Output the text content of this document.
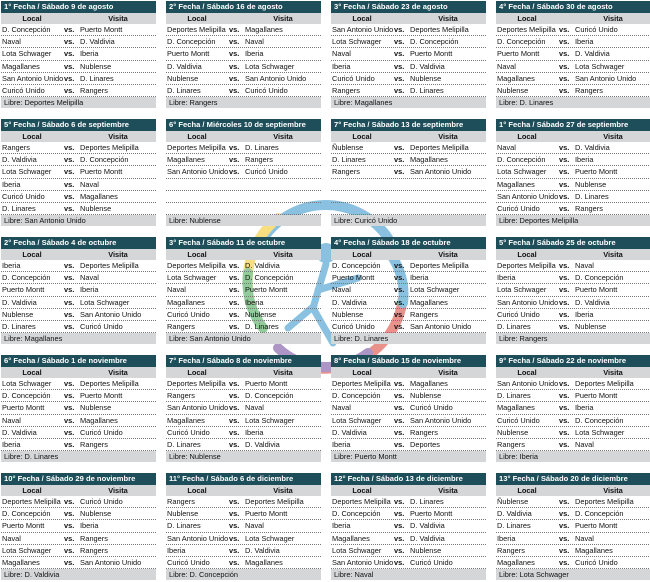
1° Fecha / Sábado 9 de agosto
Local	Visita
D. Concepción	vs. Puerto Montt
Naval	vs. D. Valdivia
Lota Schwager	vs. Iberia
Magallanes	vs. Nublense
San Antonio Unido vs. D. Linares
Curicó Unido	vs. Rangers
Libre: Deportes Melipilla
2° Fecha / Sábado 16 de agosto
Local	Visita
Deportes Melipilla vs. Magallanes
D. Concepción	vs. Naval
Puerto Montt	vs. Iberia
D. Valdivia	vs. Lota Schwager
Nublense	vs. San Antonio Unido
D. Linares	vs. Curicó Unido
Libre: Rangers
3° Fecha / Sábado 23 de agosto
Local	Visita
San Antonio Unido vs. Deportes Melipilla
Lota Schwager	vs. D. Concepción
Naval	vs. Puerto Montt
Iberia	vs. D. Valdivia
Curicó Unido	vs. Nublense
Rangers	vs. D. Linares
Libre: Magallanes
4° Fecha / Sábado 30 de agosto
Local	Visita
Deportes Melipilla vs. Curicó Unido
D. Concepción	vs. Iberia
Puerto Montt	vs. D. Valdivia
Naval	vs. Lota Schwager
Magallanes	vs. San Antonio Unido
Nublense	vs. Rangers
Libre: D. Linares
5° Fecha / Sábado 6 de septiembre
Local	Visita
Rangers	vs. Deportes Melipilla
D. Valdivia	vs. D. Concepción
Lota Schwager	vs. Puerto Montt
Iberia	vs. Naval
Curicó Unido	vs. Magallanes
D. Linares	vs. Nublense
Libre: San Antonio Unido
6° Fecha / Miércoles 10 de septiembre
Local	Visita
Deportes Melipilla vs. D. Linares
Magallanes	vs. Rangers
San Antonio Unido vs. Curicó Unido
Libre: Nublense
7° Fecha / Sábado 13 de septiembre
Local	Visita
Ñublense	vs. Deportes Melipilla
D. Linares	vs. Magallanes
Rangers	vs. San Antonio Unido
Libre: Curicó Unido
1° Fecha / Sábado 27 de septiembre
Local	Visita
Naval	vs. D. Valdivia
D. Concepción	vs. Iberia
Lota Schwager	vs. Puerto Montt
Magallanes	vs. Nublense
San Antonio Unido vs. D. Linares
Curicó Unido	vs. Rangers
Libre: Deportes Melipilla
2° Fecha / Sábado 4 de octubre
Local	Visita
Iberia	vs. Deportes Melipilla
D. Concepción	vs. Naval
Puerto Montt	vs. Iberia
D. Valdivia	vs. Lota Schwager
Nublense	vs. San Antonio Unido
D. Linares	vs. Curicó Unido
Libre: Magallanes
3° Fecha / Sábado 11 de octubre
Local	Visita
Deportes Melipilla vs. D. Valdivia
Lota Schwager	vs. D. Concepción
Naval	vs. Puerto Montt
Magallanes	vs. Iberia
Curicó Unido	vs. Nublense
Rangers	vs. D. Linares
Libre: San Antonio Unido
4° Fecha / Sábado 18 de octubre
Local	Visita
D. Concepción	vs. Deportes Melipilla
Puerto Montt	vs. Iberia
Naval	vs. Lota Schwager
D. Valdivia	vs. Magallanes
Nublense	vs. Rangers
Curicó Unido	vs. San Antonio Unido
Libre: D. Linares
5° Fecha / Sábado 25 de octubre
Local	Visita
Deportes Melipilla vs. Naval
Iberia	vs. D. Concepción
Lota Schwager	vs. Puerto Montt
San Antonio Unido vs. D. Valdivia
Curicó Unido	vs. Iberia
D. Linares	vs. Nublense
Libre: Rangers
6° Fecha / Sábado 1 de noviembre
Local	Visita
Lota Schwager	vs. Deportes Melipilla
D. Concepción	vs. Puerto Montt
Puerto Montt	vs. Nublense
Naval	vs. Magallanes
D. Valdivia	vs. Curicó Unido
Iberia	vs. Rangers
Libre: D. Linares
7° Fecha / Sábado 8 de noviembre
Local	Visita
Deportes Melipilla vs. Puerto Montt
Rangers	vs. D. Concepción
San Antonio Unido vs. Naval
Magallanes	vs. Lota Schwager
Curicó Unido	vs. Iberia
D. Linares	vs. D. Valdivia
Libre: Nublense
8° Fecha / Sábado 15 de noviembre
Local	Visita
Deportes Melipilla vs. Magallanes
D. Concepción	vs. Nublense
Naval	vs. Curicó Unido
Lota Schwager	vs. San Antonio Unido
D. Valdivia	vs. Rangers
Iberia	vs. Deportes
Libre: Puerto Montt
9° Fecha / Sábado 22 de noviembre
Local	Visita
San Antonio Unido vs. Deportes Melipilla
D. Linares	vs. Puerto Montt
Magallanes	vs. Iberia
Curicó Unido	vs. D. Concepción
Nublense	vs. Lota Schwager
Rangers	vs. Naval
Libre: Iberia
10° Fecha / Sábado 29 de noviembre
Local	Visita
Deportes Melipilla vs. Curicó Unido
D. Concepción	vs. Nublense
Puerto Montt	vs. Iberia
Naval	vs. Rangers
Lota Schwager	vs. Rangers
Magallanes	vs. San Antonio Unido
Libre: D. Valdivia
11° Fecha / Sábado 6 de diciembre
Local	Visita
Rangers	vs. Deportes Melipilla
Nublense	vs. Puerto Montt
D. Linares	vs. Naval
San Antonio Unido vs. Lota Schwager
Iberia	vs. D. Valdivia
Curicó Unido	vs. Magallanes
Libre: D. Concepción
12° Fecha / Sábado 13 de diciembre
Local	Visita
Deportes Melipilla vs. D. Linares
D. Concepción	vs. Puerto Montt
Iberia	vs. D. Valdivia
Magallanes	vs. D. Valdivia
Lota Schwager	vs. Nublense
San Antonio Unido vs. Curicó Unido
Libre: Naval
13° Fecha / Sábado 20 de diciembre
Local	Visita
Ñublense	vs. Deportes Melipilla
D. Valdivia	vs. D. Concepción
D. Linares	vs. Puerto Montt
Iberia	vs. Naval
Rangers	vs. Magallanes
Magallanes	vs. Curicó Unido
Libre: Lota Schwager
